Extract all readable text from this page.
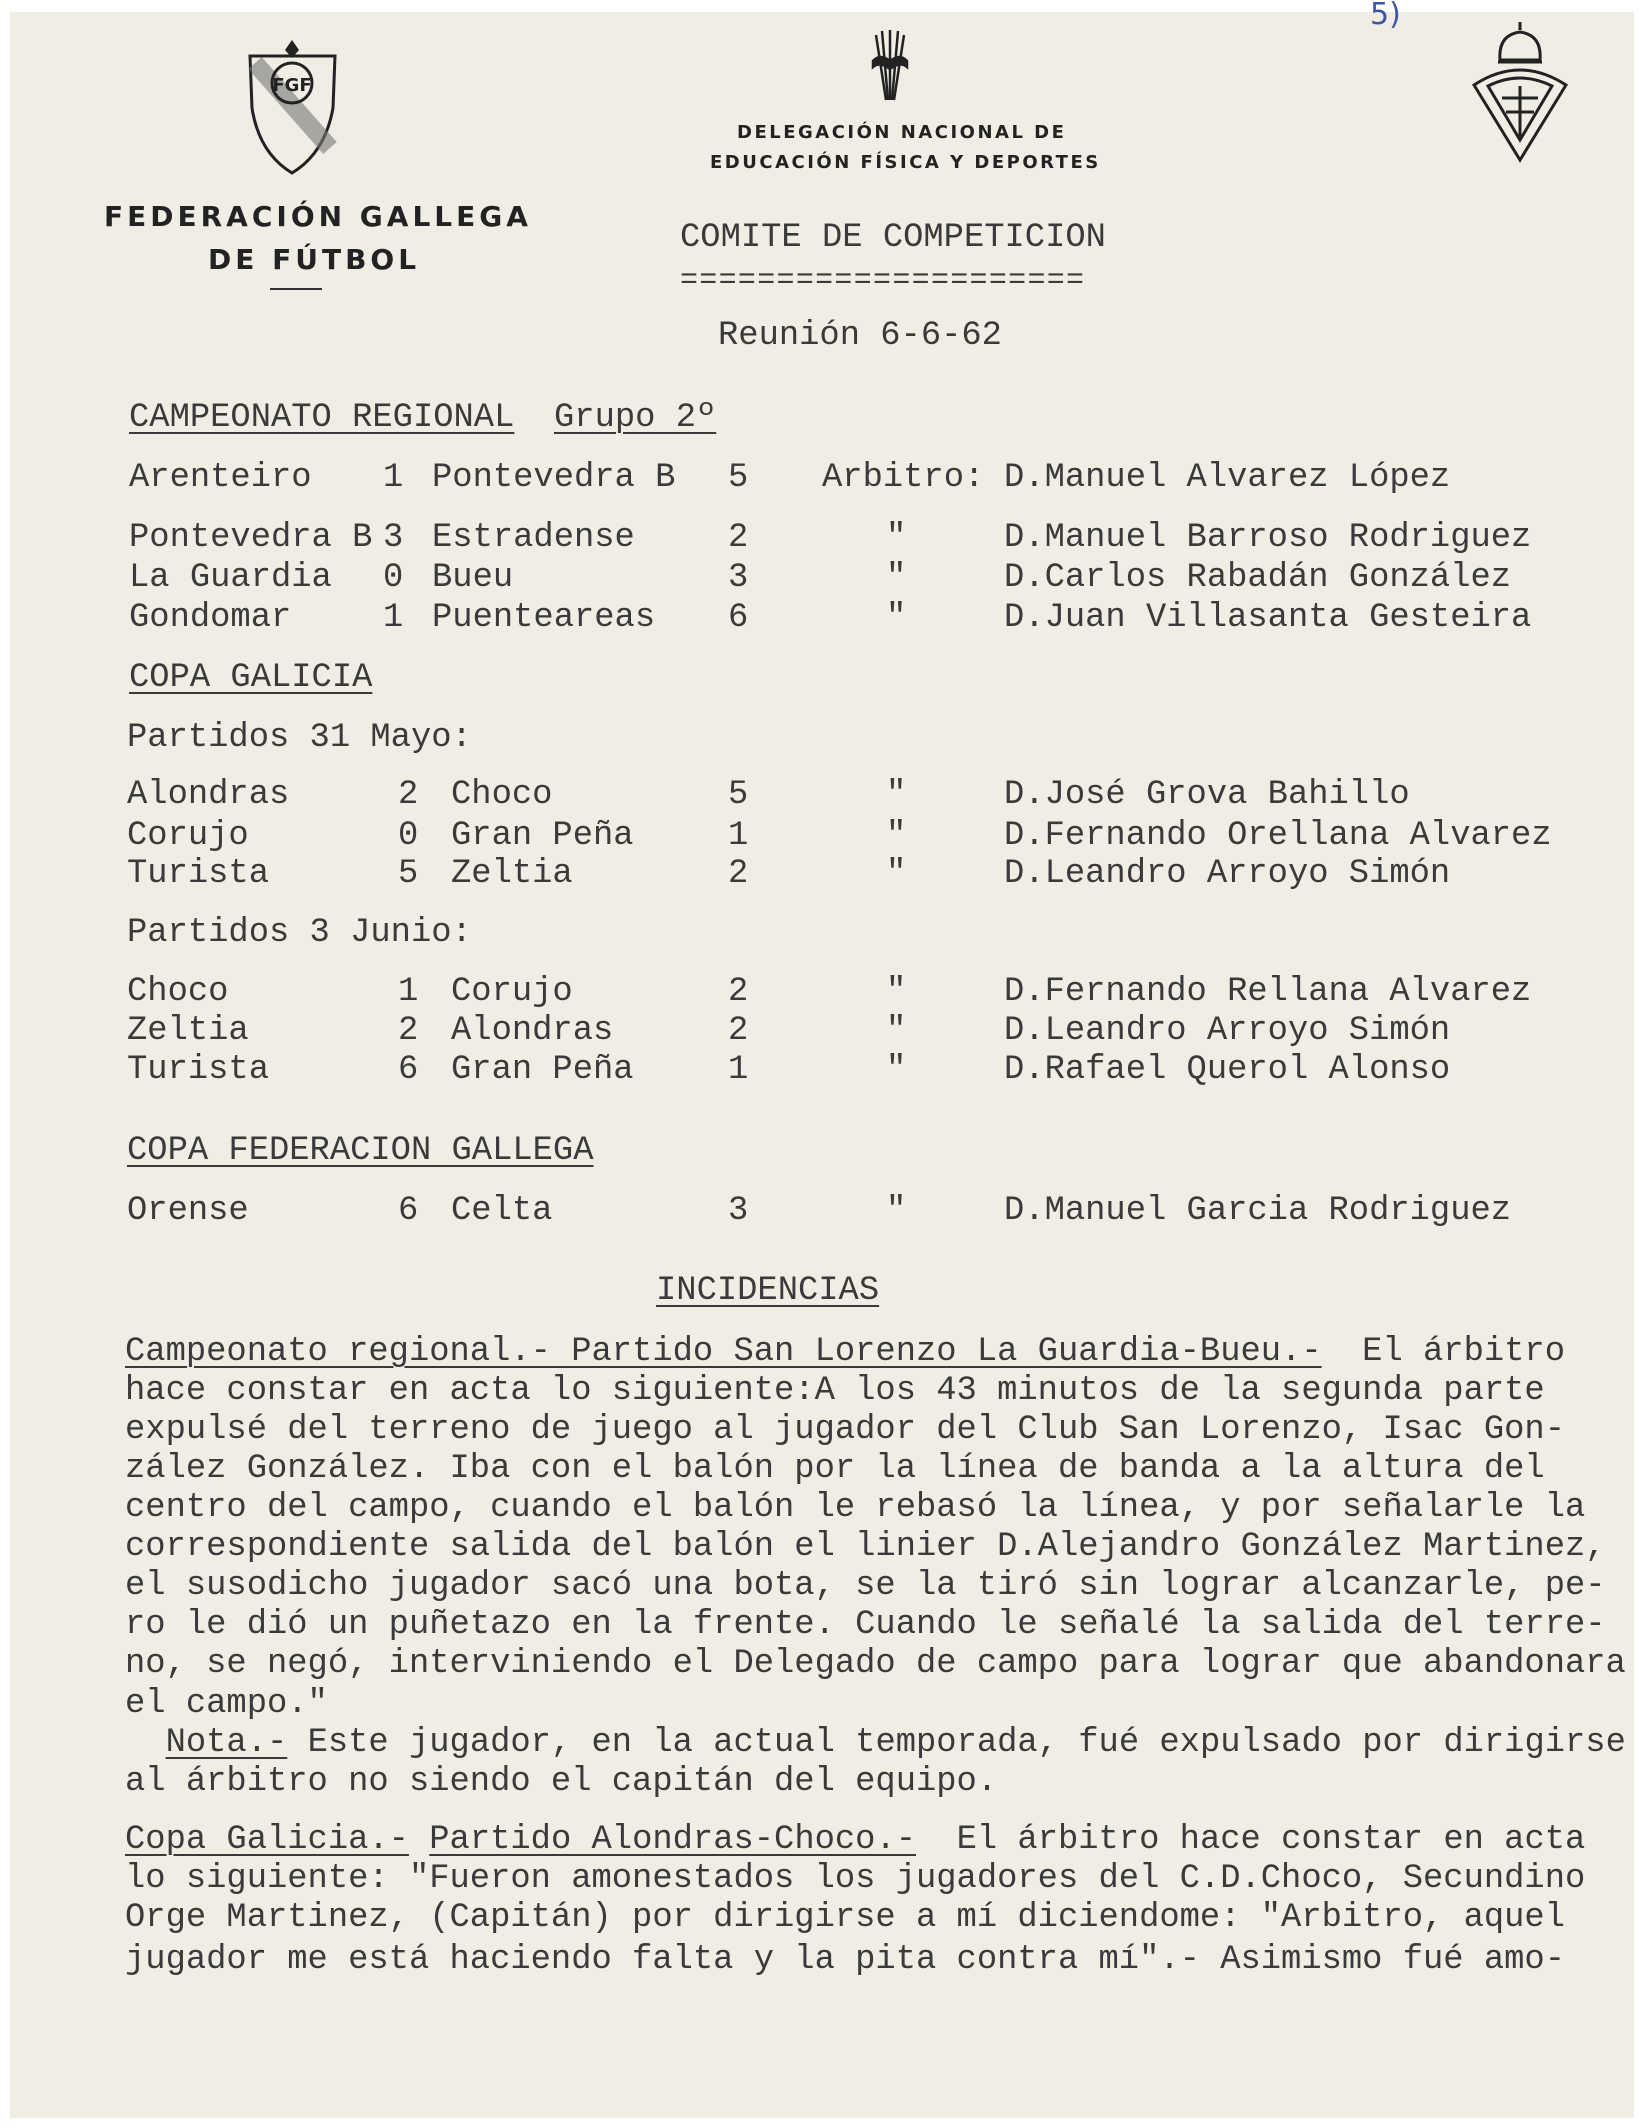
FGF
FEDERACIÓN GALLEGA
DE FÚTBOL
DELEGACIÓN NACIONAL DE
EDUCACIÓN FÍSICA Y DEPORTES
COMITE DE COMPETICION
=====================
Reunión 6-6-62
5)
CAMPEONATO REGIONAL Grupo 2º
Arenteiro 1 Pontevedra B 5 Arbitro: D.Manuel Alvarez López
Pontevedra B 3 Estradense	2	"	D.Manuel Barroso Rodriguez
La Guardia 0 Bueu	3	"	D.Carlos Rabadán González
Gondomar	1 Puenteareas 6	"	D.Juan Villasanta Gesteira
COPA GALICIA
Partidos 31 Mayo:
Alondras	2 Choco	5	"	D.José Grova Bahillo
Corujo	0 Gran Peña	1	"	D.Fernando Orellana Alvarez
Turista	5 Zeltia	2	"	D.Leandro Arroyo Simón
Partidos 3 Junio:
Choco	1 Corujo	2	"	D.Fernando Rellana Alvarez
Zeltia	2 Alondras	2	"	D.Leandro Arroyo Simón
Turista	6 Gran Peña	1	"	D.Rafael Querol Alonso
COPA FEDERACION GALLEGA
Orense	6 Celta	3	"	D.Manuel Garcia Rodriguez
INCIDENCIAS
Campeonato regional.- Partido San Lorenzo La Guardia-Bueu.-  El árbitro
hace constar en acta lo siguiente:A los 43 minutos de la segunda parte
expulsé del terreno de juego al jugador del Club San Lorenzo, Isac Gon-
zález González. Iba con el balón por la línea de banda a la altura del
centro del campo, cuando el balón le rebasó la línea, y por señalarle la
correspondiente salida del balón el linier D.Alejandro González Martinez,
el susodicho jugador sacó una bota, se la tiró sin lograr alcanzarle, pe-
ro le dió un puñetazo en la frente. Cuando le señalé la salida del terre-
no, se negó, interviniendo el Delegado de campo para lograr que abandonara
el campo."
Nota.- Este jugador, en la actual temporada, fué expulsado por dirigirse
al árbitro no siendo el capitán del equipo.
Copa Galicia.- Partido Alondras-Choco.-  El árbitro hace constar en acta
lo siguiente: "Fueron amonestados los jugadores del C.D.Choco, Secundino
Orge Martinez, (Capitán) por dirigirse a mí diciendome: "Arbitro, aquel
jugador me está haciendo falta y la pita contra mí".- Asimismo fué amo-
